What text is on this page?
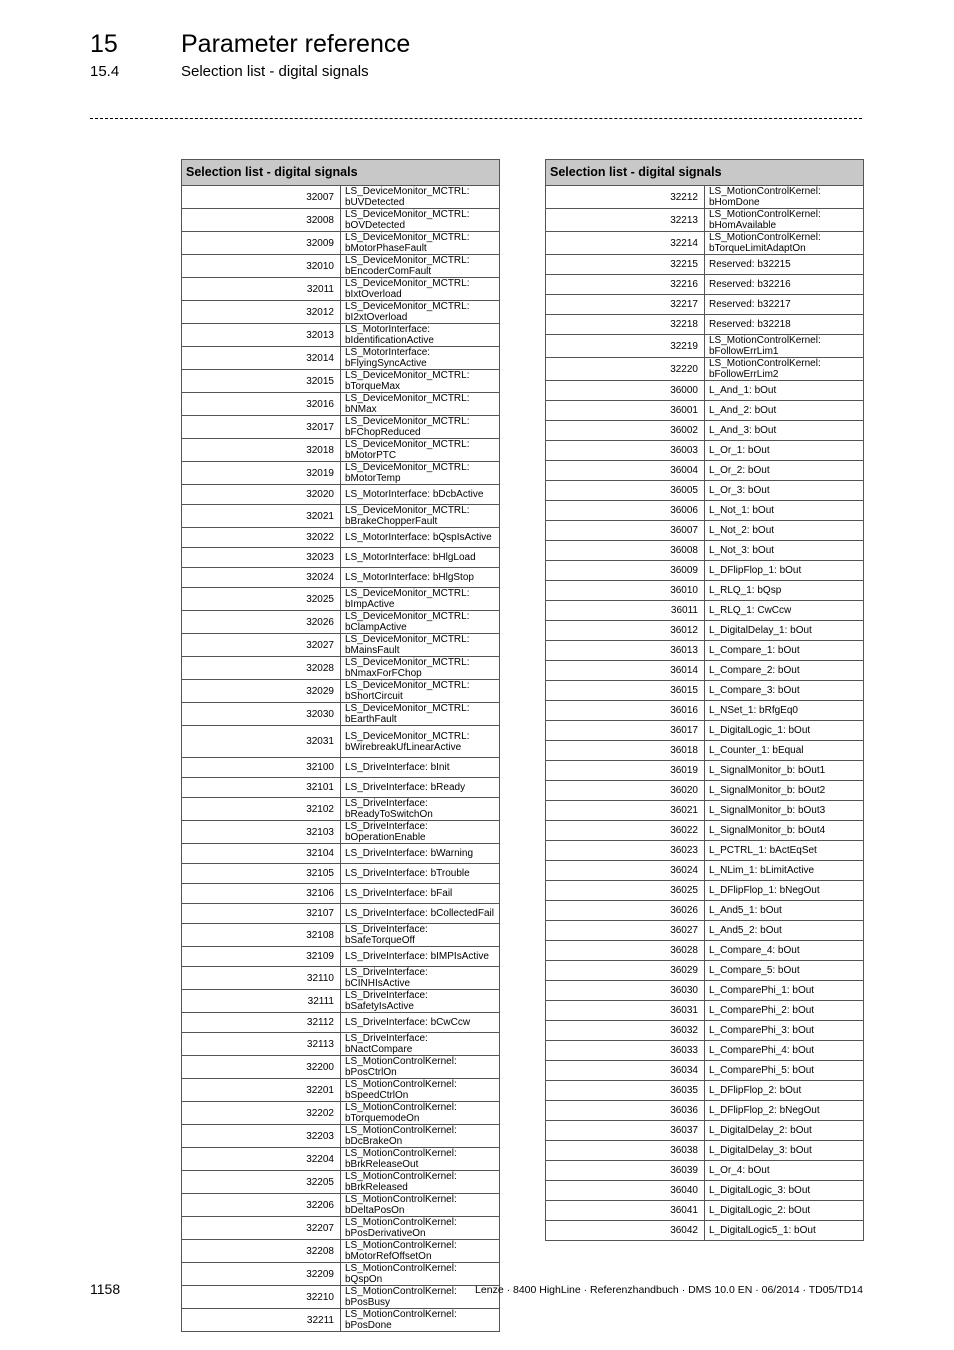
15	Parameter reference
15.4	Selection list - digital signals
Selection list - digital signals	
32007	LS_DeviceMonitor_MCTRL: bUVDetected
32008	LS_DeviceMonitor_MCTRL: bOVDetected
32009	LS_DeviceMonitor_MCTRL: bMotorPhaseFault
32010	LS_DeviceMonitor_MCTRL: bEncoderComFault
32011	LS_DeviceMonitor_MCTRL: bIxtOverload
32012	LS_DeviceMonitor_MCTRL: bI2xtOverload
32013	LS_MotorInterface: bIdentificationActive
32014	LS_MotorInterface: bFlyingSyncActive
32015	LS_DeviceMonitor_MCTRL: bTorqueMax
32016	LS_DeviceMonitor_MCTRL: bNMax
32017	LS_DeviceMonitor_MCTRL: bFChopReduced
32018	LS_DeviceMonitor_MCTRL: bMotorPTC
32019	LS_DeviceMonitor_MCTRL: bMotorTemp
32020	LS_MotorInterface: bDcbActive
32021	LS_DeviceMonitor_MCTRL: bBrakeChopperFault
32022	LS_MotorInterface: bQspIsActive
32023	LS_MotorInterface: bHlgLoad
32024	LS_MotorInterface: bHlgStop
32025	LS_DeviceMonitor_MCTRL: bImpActive
32026	LS_DeviceMonitor_MCTRL: bClampActive
32027	LS_DeviceMonitor_MCTRL: bMainsFault
32028	LS_DeviceMonitor_MCTRL: bNmaxForFChop
32029	LS_DeviceMonitor_MCTRL: bShortCircuit
32030	LS_DeviceMonitor_MCTRL: bEarthFault
32031	LS_DeviceMonitor_MCTRL:
bWirebreakUfLinearActive

32100	LS_DriveInterface: bInit
32101	LS_DriveInterface: bReady
32102	LS_DriveInterface: bReadyToSwitchOn
32103	LS_DriveInterface: bOperationEnable
32104	LS_DriveInterface: bWarning
32105	LS_DriveInterface: bTrouble
32106	LS_DriveInterface: bFail
32107	LS_DriveInterface: bCollectedFail
32108	LS_DriveInterface: bSafeTorqueOff
32109	LS_DriveInterface: bIMPIsActive
32110	LS_DriveInterface: bCINHIsActive
32111	LS_DriveInterface: bSafetyIsActive
32112	LS_DriveInterface: bCwCcw
32113	LS_DriveInterface: bNactCompare
32200	LS_MotionControlKernel: bPosCtrlOn
32201	LS_MotionControlKernel: bSpeedCtrlOn
32202	LS_MotionControlKernel: bTorquemodeOn
32203	LS_MotionControlKernel: bDcBrakeOn
32204	LS_MotionControlKernel: bBrkReleaseOut
32205	LS_MotionControlKernel: bBrkReleased
32206	LS_MotionControlKernel: bDeltaPosOn
32207	LS_MotionControlKernel: bPosDerivativeOn
32208	LS_MotionControlKernel: bMotorRefOffsetOn
32209	LS_MotionControlKernel: bQspOn
32210	LS_MotionControlKernel: bPosBusy
32211	LS_MotionControlKernel: bPosDone
Selection list - digital signals	
32212	LS_MotionControlKernel: bHomDone
32213	LS_MotionControlKernel: bHomAvailable
32214	LS_MotionControlKernel: bTorqueLimitAdaptOn
32215	Reserved: b32215
32216	Reserved: b32216
32217	Reserved: b32217
32218	Reserved: b32218
32219	LS_MotionControlKernel: bFollowErrLim1
32220	LS_MotionControlKernel: bFollowErrLim2
36000	L_And_1: bOut
36001	L_And_2: bOut
36002	L_And_3: bOut
36003	L_Or_1: bOut
36004	L_Or_2: bOut
36005	L_Or_3: bOut
36006	L_Not_1: bOut
36007	L_Not_2: bOut
36008	L_Not_3: bOut
36009	L_DFlipFlop_1: bOut
36010	L_RLQ_1: bQsp
36011	L_RLQ_1: CwCcw
36012	L_DigitalDelay_1: bOut
36013	L_Compare_1: bOut
36014	L_Compare_2: bOut
36015	L_Compare_3: bOut
36016	L_NSet_1: bRfgEq0
36017	L_DigitalLogic_1: bOut
36018	L_Counter_1: bEqual
36019	L_SignalMonitor_b: bOut1
36020	L_SignalMonitor_b: bOut2
36021	L_SignalMonitor_b: bOut3
36022	L_SignalMonitor_b: bOut4
36023	L_PCTRL_1: bActEqSet
36024	L_NLim_1: bLimitActive
36025	L_DFlipFlop_1: bNegOut
36026	L_And5_1: bOut
36027	L_And5_2: bOut
36028	L_Compare_4: bOut
36029	L_Compare_5: bOut
36030	L_ComparePhi_1: bOut
36031	L_ComparePhi_2: bOut
36032	L_ComparePhi_3: bOut
36033	L_ComparePhi_4: bOut
36034	L_ComparePhi_5: bOut
36035	L_DFlipFlop_2: bOut
36036	L_DFlipFlop_2: bNegOut
36037	L_DigitalDelay_2: bOut
36038	L_DigitalDelay_3: bOut
36039	L_Or_4: bOut
36040	L_DigitalLogic_3: bOut
36041	L_DigitalLogic_2: bOut
36042	L_DigitalLogic5_1: bOut
1158	Lenze · 8400 HighLine · Referenzhandbuch · DMS 10.0 EN · 06/2014 · TD05/TD14
